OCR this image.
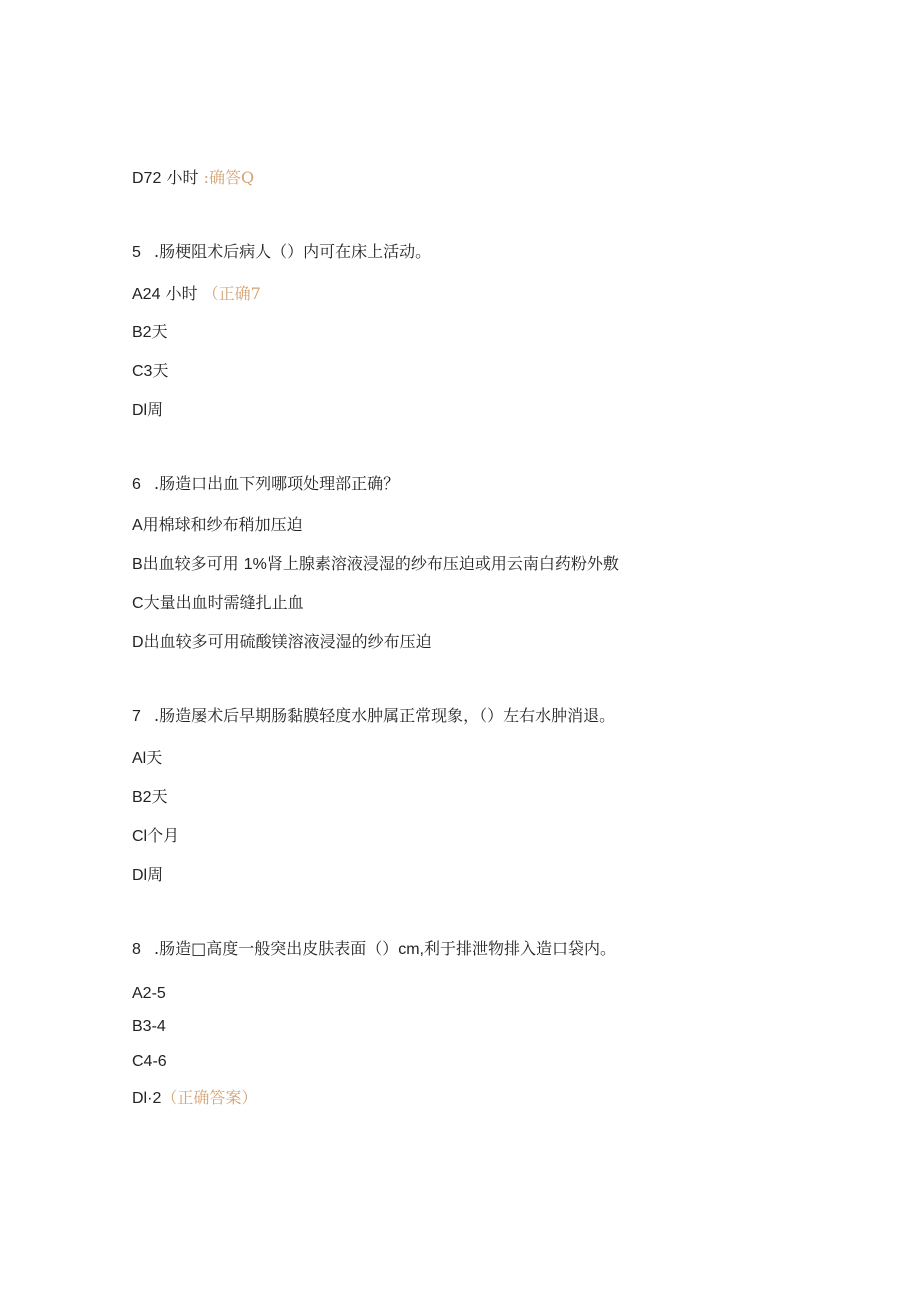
D72 小时 :确答Q
5 .肠梗阻术后病人（）内可在床上活动。
A24 小时 （正确7
B2天
C3天
Dl周
6 .肠造口出血下列哪项处理部正确？
A用棉球和纱布稍加压迫
B出血较多可用 1%肾上腺素溶液浸湿的纱布压迫或用云南白药粉外敷
C大量出血时需缝扎止血
D出血较多可用硫酸镁溶液浸湿的纱布压迫
7 .肠造屡术后早期肠黏膜轻度水肿属正常现象，（）左右水肿消退。
Al天
B2天
Cl个月
Dl周
8 .肠造□高度一般突出皮肤表面（）cm,利于排泄物排入造口袋内。
A2-5
B3-4
C4-6
Dl·2（正确答案）
